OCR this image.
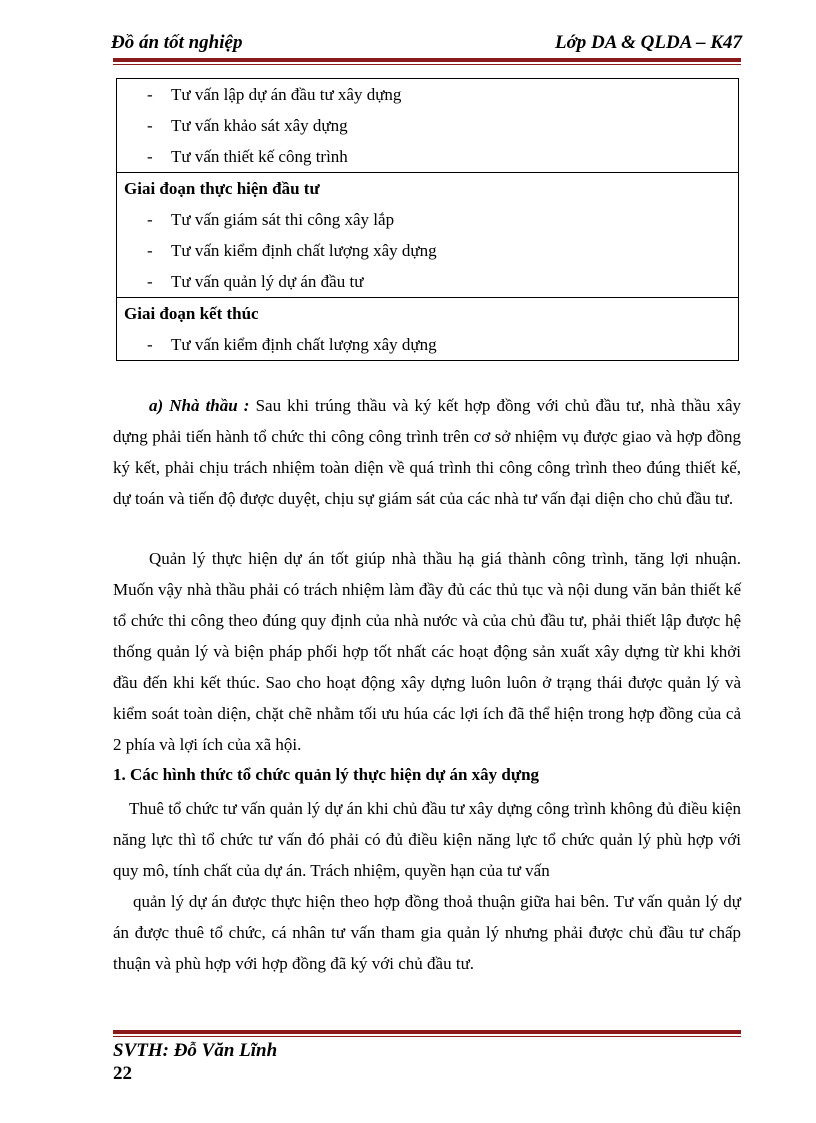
Đồ án tốt nghiệp	Lớp DA & QLDA – K47
- Tư vấn lập dự án đầu tư xây dựng
- Tư vấn khảo sát xây dựng
- Tư vấn thiết kế công trình
Giai đoạn thực hiện đầu tư
- Tư vấn giám sát thi công xây lắp
- Tư vấn kiểm định chất lượng xây dựng
- Tư vấn quản lý dự án đầu tư
Giai đoạn kết thúc
- Tư vấn kiểm định chất lượng xây dựng
a) Nhà thầu : Sau khi trúng thầu và ký kết hợp đồng với chủ đầu tư, nhà thầu xây dựng phải tiến hành tổ chức thi công công trình trên cơ sở nhiệm vụ được giao và hợp đồng ký kết, phải chịu trách nhiệm toàn diện về quá trình thi công công trình theo đúng thiết kế, dự toán và tiến độ được duyệt, chịu sự giám sát của các nhà tư vấn đại diện cho chủ đầu tư.
Quản lý thực hiện dự án tốt giúp nhà thầu hạ giá thành công trình, tăng lợi nhuận. Muốn vậy nhà thầu phải có trách nhiệm làm đầy đủ các thủ tục và nội dung văn bản thiết kế tổ chức thi công theo đúng quy định của nhà nước và của chủ đầu tư, phải thiết lập được hệ thống quản lý và biện pháp phối hợp tốt nhất các hoạt động sản xuất xây dựng từ khi khởi đầu đến khi kết thúc. Sao cho hoạt động xây dựng luôn luôn ở trạng thái được quản lý và kiểm soát toàn diện, chặt chẽ nhằm tối ưu húa các lợi ích đã thể hiện trong hợp đồng của cả 2 phía và lợi ích của xã hội.
1. Các hình thức tổ chức quản lý thực hiện dự án xây dựng
Thuê tổ chức tư vấn quản lý dự án khi chủ đầu tư xây dựng công trình không đủ điều kiện năng lực thì tổ chức tư vấn đó phải có đủ điều kiện năng lực tổ chức quản lý phù hợp với quy mô, tính chất của dự án. Trách nhiệm, quyền hạn của tư vấn
quản lý dự án được thực hiện theo hợp đồng thoả thuận giữa hai bên. Tư vấn quản lý dự án được thuê tổ chức, cá nhân tư vấn tham gia quản lý nhưng phải được chủ đầu tư chấp thuận và phù hợp với hợp đồng đã ký với chủ đầu tư.
SVTH: Đỗ Văn Lĩnh
22
